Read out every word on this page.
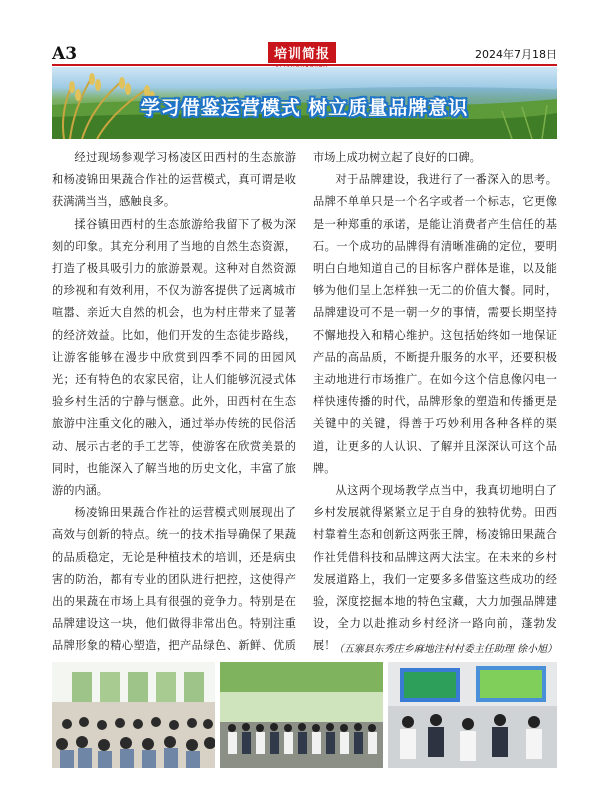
A3	培训简报	2024年7月18日
学习借鉴运营模式 树立质量品牌意识

经过现场参观学习杨凌区田西村的生态旅游和杨凌锦田果蔬合作社的运营模式，真可谓是收获满满当当，感触良多。

揉谷镇田西村的生态旅游给我留下了极为深刻的印象。其充分利用了当地的自然生态资源，打造了极具吸引力的旅游景观。这种对自然资源的珍视和有效利用，不仅为游客提供了远离城市喧嚣、亲近大自然的机会，也为村庄带来了显著的经济效益。比如，他们开发的生态徒步路线，让游客能够在漫步中欣赏到四季不同的田园风光；还有特色的农家民宿，让人们能够沉浸式体验乡村生活的宁静与惬意。此外，田西村在生态旅游中注重文化的融入，通过举办传统的民俗活动、展示古老的手工艺等，使游客在欣赏美景的同时，也能深入了解当地的历史文化，丰富了旅游的内涵。

杨凌锦田果蔬合作社的运营模式则展现出了高效与创新的特点。统一的技术指导确保了果蔬的品质稳定，无论是种植技术的培训，还是病虫害的防治，都有专业的团队进行把控，这使得产出的果蔬在市场上具有很强的竞争力。特别是在品牌建设这一块，他们做得非常出色。特别注重品牌形象的精心塑造，把产品绿色、新鲜、优质

市场上成功树立起了良好的口碑。

对于品牌建设，我进行了一番深入的思考。品牌不单单只是一个名字或者一个标志，它更像是一种郑重的承诺，是能让消费者产生信任的基石。一个成功的品牌得有清晰准确的定位，要明明白白地知道自己的目标客户群体是谁，以及能够为他们呈上怎样独一无二的价值大餐。同时，品牌建设可不是一朝一夕的事情，需要长期坚持不懈地投入和精心维护。这包括始终如一地保证产品的高品质，不断提升服务的水平，还要积极主动地进行市场推广。在如今这个信息像闪电一样快速传播的时代，品牌形象的塑造和传播更是关键中的关键，得善于巧妙利用各种各样的渠道，让更多的人认识、了解并且深深认可这个品牌。

从这两个现场教学点当中，我真切地明白了乡村发展就得紧紧立足于自身的独特优势。田西村靠着生态和创新这两张王牌，杨凌锦田果蔬合作社凭借科技和品牌这两大法宝。在未来的乡村发展道路上，我们一定要多多借鉴这些成功的经验，深度挖掘本地的特色宝藏，大力加强品牌建设，全力以赴推动乡村经济一路向前，蓬勃发展！

（五寨县东秀庄乡麻地注村村委主任助理 徐小旭）
